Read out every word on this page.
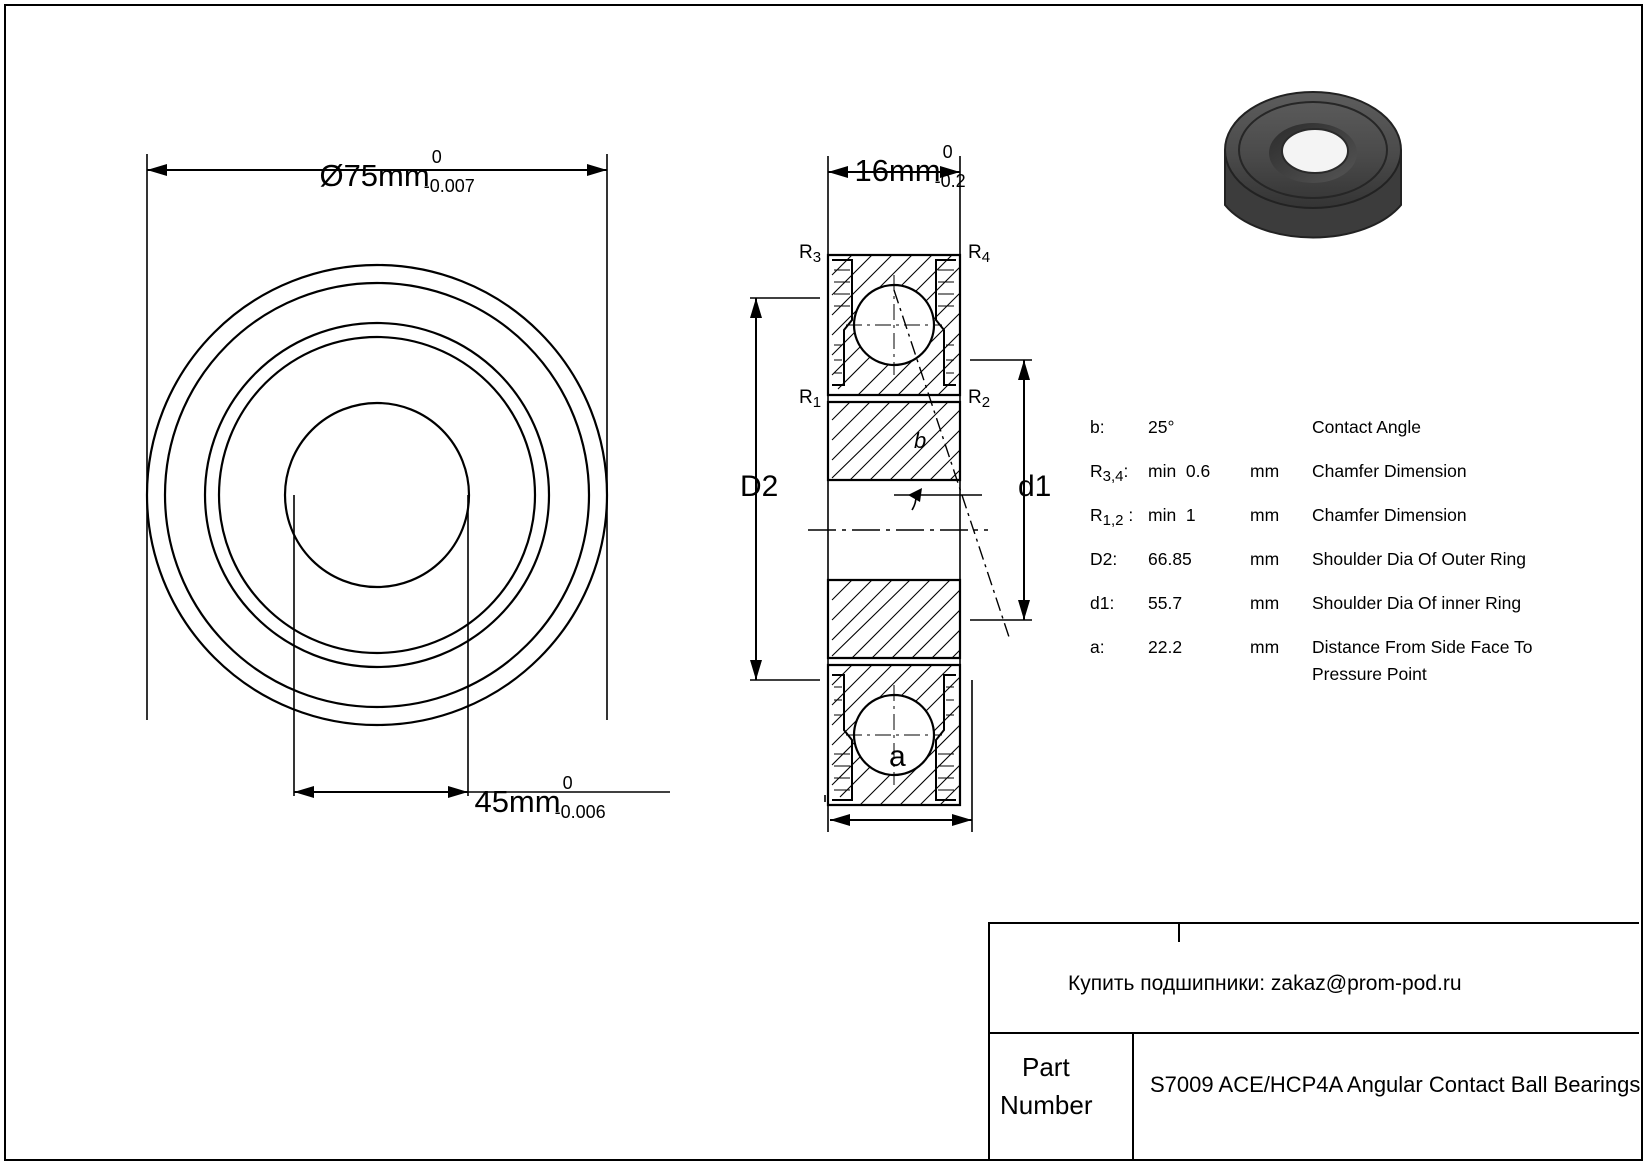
$Ø75mm^0-0.007$

$45mm^0-0.006$

$16mm^0-0.2$

$R_3$	$R_4$
$R_1$	$R_2$
D2	d1
a
b
b: 25°	Contact Angle
R3,4: min  0.6 mm Chamfer Dimension
R1,2 : min  1	mm Chamfer Dimension
D2: 66.85	mm Shoulder Dia Of Outer Ring
d1: 55.7	mm Shoulder Dia Of inner Ring
a: 22.2	mm Distance From Side Face To
Pressure Point
Купить подшипники: zakaz@prom-pod.ru
Part
Number
S7009 ACE/HCP4A Angular Contact Ball Bearings
